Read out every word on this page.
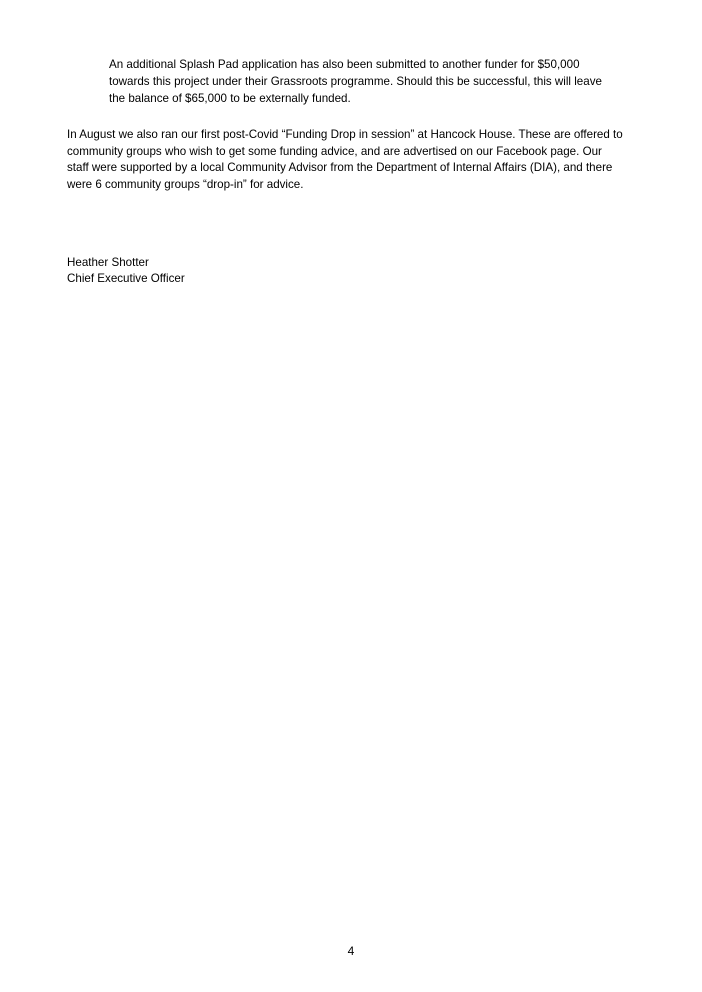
An additional Splash Pad application has also been submitted to another funder for $50,000
towards this project under their Grassroots programme. Should this be successful, this will leave
the balance of $65,000 to be externally funded.
In August we also ran our first post-Covid “Funding Drop in session” at Hancock House. These are offered to
community groups who wish to get some funding advice, and are advertised on our Facebook page. Our
staff were supported by a local Community Advisor from the Department of Internal Affairs (DIA), and there
were 6 community groups “drop-in” for advice.
Heather Shotter
Chief Executive Officer
4
